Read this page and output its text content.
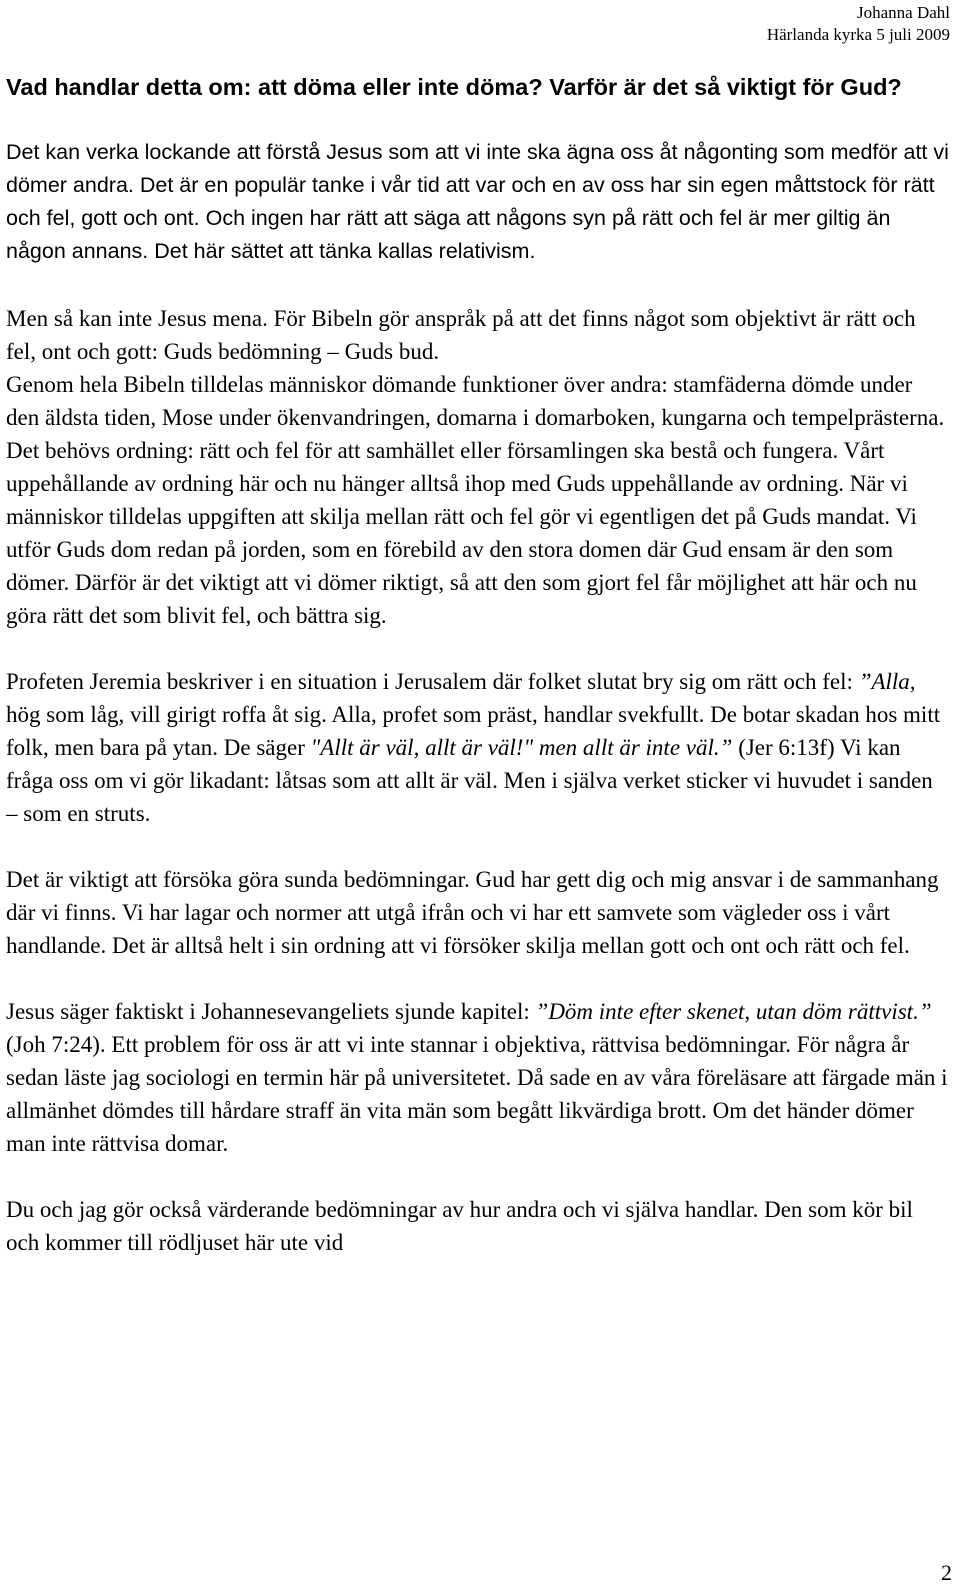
Johanna Dahl
Härlanda kyrka 5 juli 2009

Vad handlar detta om: att döma eller inte döma? Varför är det så viktigt för Gud?

Det kan verka lockande att förstå Jesus som att vi inte ska ägna oss åt någonting som medför att vi dömer andra. Det är en populär tanke i vår tid att var och en av oss har sin egen måttstock för rätt och fel, gott och ont. Och ingen har rätt att säga att någons syn på rätt och fel är mer giltig än någon annans. Det här sättet att tänka kallas relativism.

Men så kan inte Jesus mena. För Bibeln gör anspråk på att det finns något som objektivt är rätt och fel, ont och gott: Guds bedömning – Guds bud.

Genom hela Bibeln tilldelas människor dömande funktioner över andra: stamfäderna dömde under den äldsta tiden, Mose under ökenvandringen, domarna i domarboken, kungarna och tempelprästerna. Det behövs ordning: rätt och fel för att samhället eller församlingen ska bestå och fungera. Vårt uppehållande av ordning här och nu hänger alltså ihop med Guds uppehållande av ordning. När vi människor tilldelas uppgiften att skilja mellan rätt och fel gör vi egentligen det på Guds mandat. Vi utför Guds dom redan på jorden, som en förebild av den stora domen där Gud ensam är den som dömer. Därför är det viktigt att vi dömer riktigt, så att den som gjort fel får möjlighet att här och nu göra rätt det som blivit fel, och bättra sig.

Profeten Jeremia beskriver i en situation i Jerusalem där folket slutat bry sig om rätt och fel: ”Alla, hög som låg, vill girigt roffa åt sig. Alla, profet som präst, handlar svekfullt. De botar skadan hos mitt folk, men bara på ytan. De säger "Allt är väl, allt är väl!" men allt är inte väl.” (Jer 6:13f) Vi kan fråga oss om vi gör likadant: låtsas som att allt är väl. Men i själva verket sticker vi huvudet i sanden – som en struts.

Det är viktigt att försöka göra sunda bedömningar. Gud har gett dig och mig ansvar i de sammanhang där vi finns. Vi har lagar och normer att utgå ifrån och vi har ett samvete som vägleder oss i vårt handlande. Det är alltså helt i sin ordning att vi försöker skilja mellan gott och ont och rätt och fel.

Jesus säger faktiskt i Johannesevangeliets sjunde kapitel: ”Döm inte efter skenet, utan döm rättvist.” (Joh 7:24). Ett problem för oss är att vi inte stannar i objektiva, rättvisa bedömningar. För några år sedan läste jag sociologi en termin här på universitetet. Då sade en av våra föreläsare att färgade män i allmänhet dömdes till hårdare straff än vita män som begått likvärdiga brott. Om det händer dömer man inte rättvisa domar.

Du och jag gör också värderande bedömningar av hur andra och vi själva handlar. Den som kör bil och kommer till rödljuset här ute vid

2
